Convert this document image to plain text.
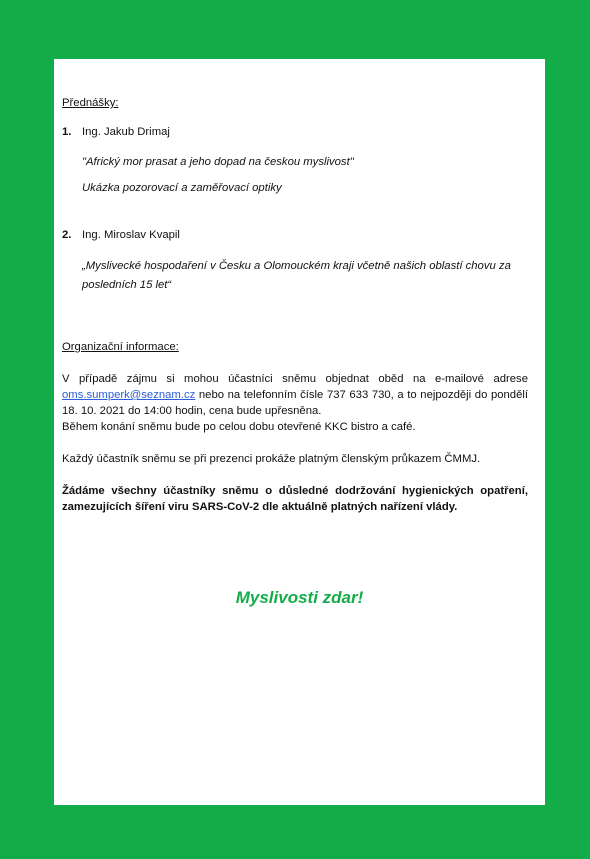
Přednášky:

1. Ing. Jakub Drimaj
"Africký mor prasat a jeho dopad na českou myslivost"
Ukázka pozorovací a zaměřovací optiky
2. Ing. Miroslav Kvapil
„Myslivecké hospodaření v Česku a Olomouckém kraji včetně našich oblastí chovu za
posledních 15 let“

Organizační informace:

V případě zájmu si mohou účastníci sněmu objednat oběd na e-mailové adrese oms.sumperk@seznam.cz nebo na telefonním čísle 737 633 730, a to nejpozději do pondělí 18. 10. 2021 do 14:00 hodin, cena bude upřesněna.

Během konání sněmu bude po celou dobu otevřené KKC bistro a café.

Každý účastník sněmu se při prezenci prokáže platným členským průkazem ČMMJ.

Žádáme všechny účastníky sněmu o důsledné dodržování hygienických opatření, zamezujících šíření viru SARS-CoV-2 dle aktuálně platných nařízení vlády.

Myslivosti zdar!
